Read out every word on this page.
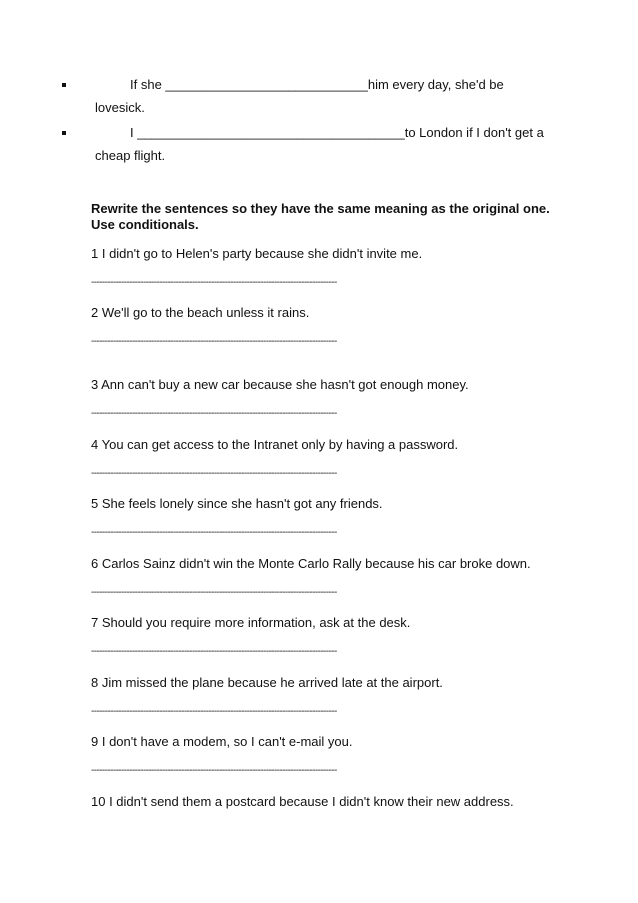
If she ____________________________him every day, she'd be
lovesick.
I _____________________________________to London if I don't get a
cheap flight.
Rewrite the sentences so they have the same meaning as the original one. Use conditionals.
1 I didn't go to Helen's party because she didn't invite me.
------------------------------------------------------------------------------------------
2 We'll go to the beach unless it rains.
------------------------------------------------------------------------------------------
3 Ann can't buy a new car because she hasn't got enough money.
------------------------------------------------------------------------------------------
4 You can get access to the Intranet only by having a password.
------------------------------------------------------------------------------------------
5 She feels lonely since she hasn't got any friends.
------------------------------------------------------------------------------------------
6 Carlos Sainz didn't win the Monte Carlo Rally because his car broke down.
------------------------------------------------------------------------------------------
7 Should you require more information, ask at the desk.
------------------------------------------------------------------------------------------
8 Jim missed the plane because he arrived late at the airport.
------------------------------------------------------------------------------------------
9 I don't have a modem, so I can't e-mail you.
------------------------------------------------------------------------------------------
10 I didn't send them a postcard because I didn't know their new address.
